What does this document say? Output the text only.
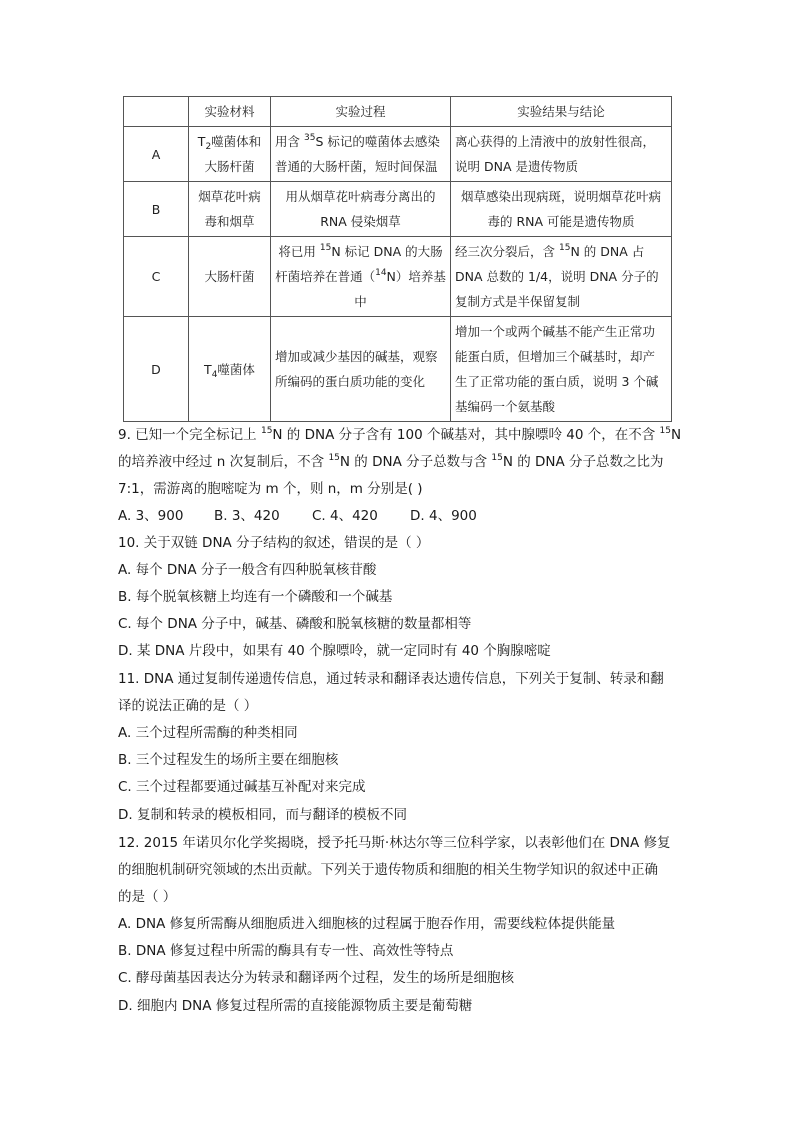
	实验材料	实验过程	实验结果与结论
A	$T_2$噬菌体和大肠杆菌	用含 $^{35}$S 标记的噬菌体去感染普通的大肠杆菌，短时间保温	离心获得的上清液中的放射性很高，说明 DNA 是遗传物质
B	烟草花叶病毒和烟草	用从烟草花叶病毒分离出的 RNA 侵染烟草	烟草感染出现病斑，说明烟草花叶病毒的 RNA 可能是遗传物质
C	大肠杆菌	将已用 $^{15}$N 标记 DNA 的大肠杆菌培养在普通（$^{14}$N）培养基中	经三次分裂后，含 $^{15}$N 的 DNA 占 DNA 总数的 1/4，说明 DNA 分子的复制方式是半保留复制
D	$T_4$噬菌体	增加或减少基因的碱基，观察所编码的蛋白质功能的变化	增加一个或两个碱基不能产生正常功能蛋白质，但增加三个碱基时，却产生了正常功能的蛋白质，说明 3 个碱基编码一个氨基酸
9. 已知一个完全标记上 $^{15}$N 的 DNA 分子含有 100 个碱基对，其中腺嘌呤 40 个，在不含 $^{15}$N
的培养液中经过 n 次复制后，不含 $^{15}$N 的 DNA 分子总数与含 $^{15}$N 的 DNA 分子总数之比为
7:1，需游离的胞嘧啶为 m 个，则 n，m 分别是( )
A. 3、900 B. 3、420 C. 4、420 D. 4、900
10. 关于双链 DNA 分子结构的叙述，错误的是（ ）
A. 每个 DNA 分子一般含有四种脱氧核苷酸
B. 每个脱氧核糖上均连有一个磷酸和一个碱基
C. 每个 DNA 分子中，碱基、磷酸和脱氧核糖的数量都相等
D. 某 DNA 片段中，如果有 40 个腺嘌呤，就一定同时有 40 个胸腺嘧啶
11. DNA 通过复制传递遗传信息，通过转录和翻译表达遗传信息，下列关于复制、转录和翻
译的说法正确的是（ ）
A. 三个过程所需酶的种类相同
B. 三个过程发生的场所主要在细胞核
C. 三个过程都要通过碱基互补配对来完成
D. 复制和转录的模板相同，而与翻译的模板不同
12. 2015 年诺贝尔化学奖揭晓，授予托马斯·林达尔等三位科学家，以表彰他们在 DNA 修复
的细胞机制研究领域的杰出贡献。下列关于遗传物质和细胞的相关生物学知识的叙述中正确
的是（ ）
A. DNA 修复所需酶从细胞质进入细胞核的过程属于胞吞作用，需要线粒体提供能量
B. DNA 修复过程中所需的酶具有专一性、高效性等特点
C. 酵母菌基因表达分为转录和翻译两个过程，发生的场所是细胞核
D. 细胞内 DNA 修复过程所需的直接能源物质主要是葡萄糖
